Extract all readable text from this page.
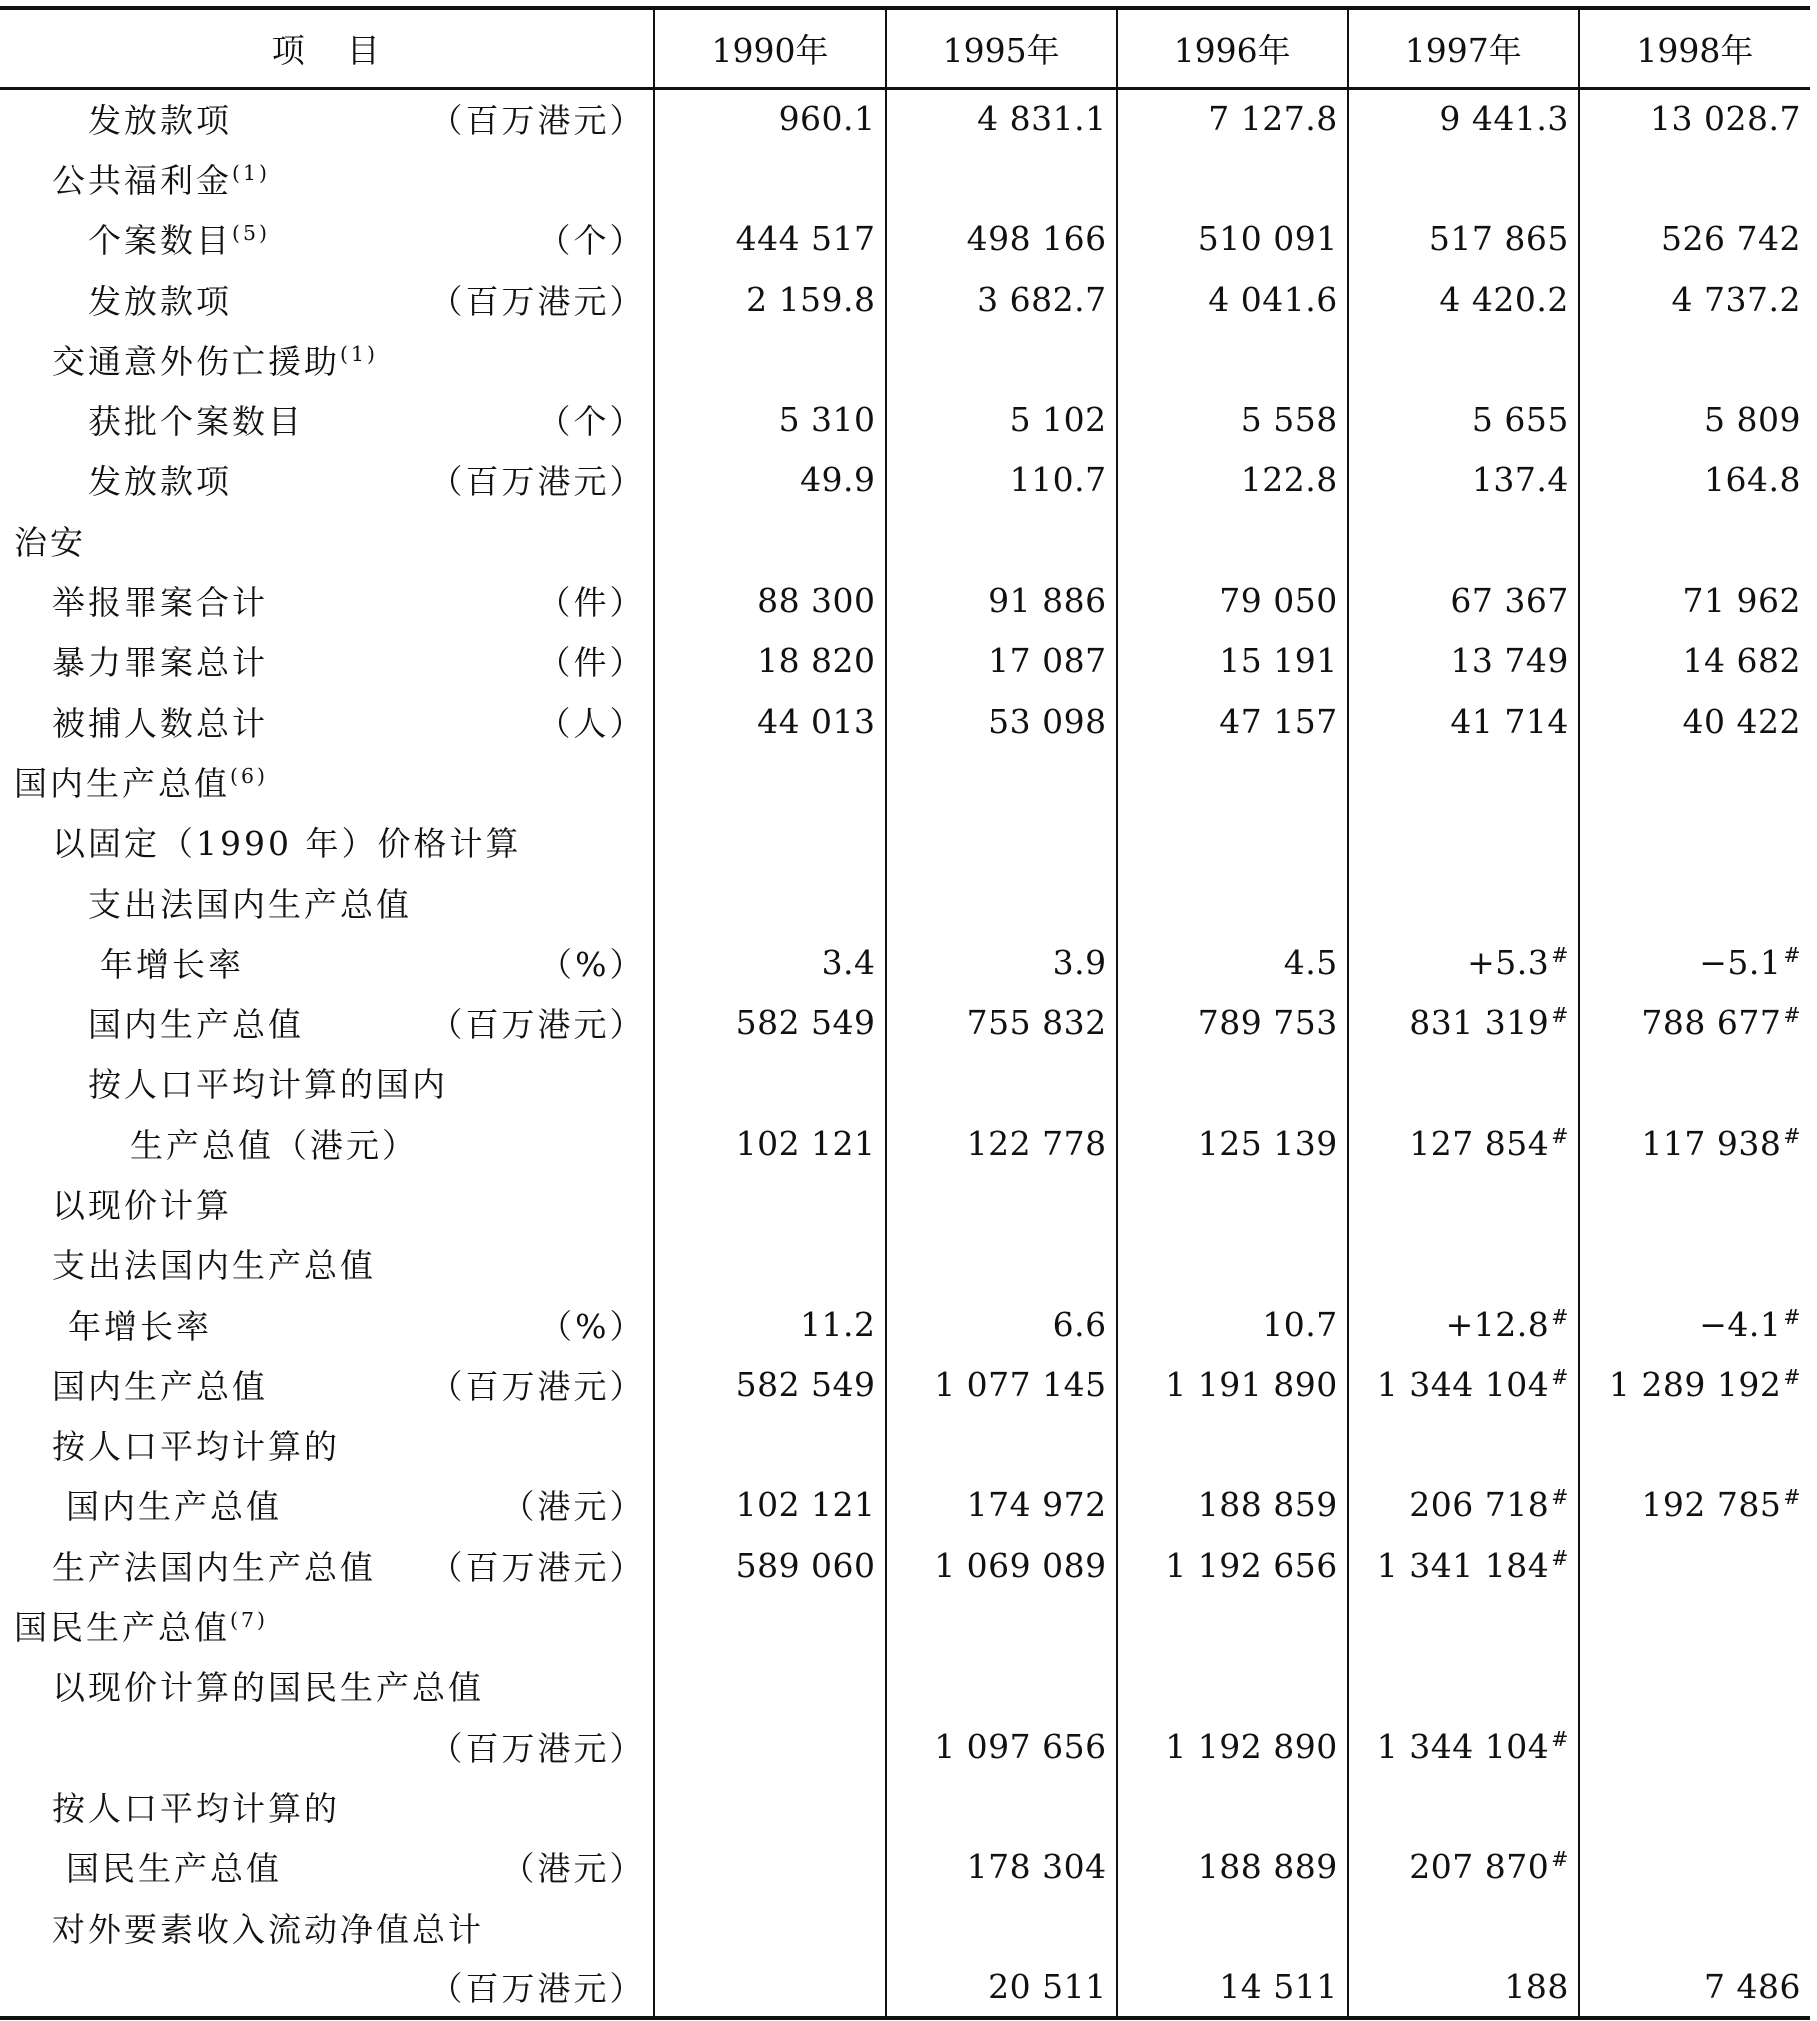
项目	1990年	1995年	1996年	1997年	1998年

发放款项 （百万港元）	960.1	4 831.1	7 127.8	9 441.3	13 028.7

公共福利金$^{(1)}$

个案数目$^{(5)}$ （个）	444 517	498 166	510 091	517 865	526 742

发放款项 （百万港元）	2 159.8	3 682.7	4 041.6	4 420.2	4 737.2

交通意外伤亡援助$^{(1)}$

获批个案数目 （个）	5 310	5 102	5 558	5 655	5 809

发放款项 （百万港元）	49.9	110.7	122.8	137.4	164.8

治安					

举报罪案合计 （件）	88 300	91 886	79 050	67 367	71 962

暴力罪案总计 （件）	18 820	17 087	15 191	13 749	14 682

被捕人数总计 （人）	44 013	53 098	47 157	41 714	40 422

国内生产总值$^{(6)}$

以固定（1990 年）价格计算					

支出法国内生产总值					

年增长率 （%）	3.4	3.9	4.5	+5.3#	−5.1#

国内生产总值 （百万港元）	582 549	755 832	789 753	831 319#	788 677#

按人口平均计算的国内					

生产总值（港元）	102 121	122 778	125 139	127 854#	117 938#

以现价计算					

支出法国内生产总值					

年增长率 （%）	11.2	6.6	10.7	+12.8#	−4.1#

国内生产总值 （百万港元）	582 549	1 077 145	1 191 890	1 344 104#	1 289 192#

按人口平均计算的					

国内生产总值 （港元）	102 121	174 972	188 859	206 718#	192 785#

生产法国内生产总值 （百万港元）	589 060	1 069 089	1 192 656	1 341 184#	

国民生产总值$^{(7)}$

以现价计算的国民生产总值					

（百万港元）		1 097 656	1 192 890	1 344 104#	

按人口平均计算的					

国民生产总值 （港元）		178 304	188 889	207 870#	

对外要素收入流动净值总计					

（百万港元）		20 511	14 511	188	7 486
